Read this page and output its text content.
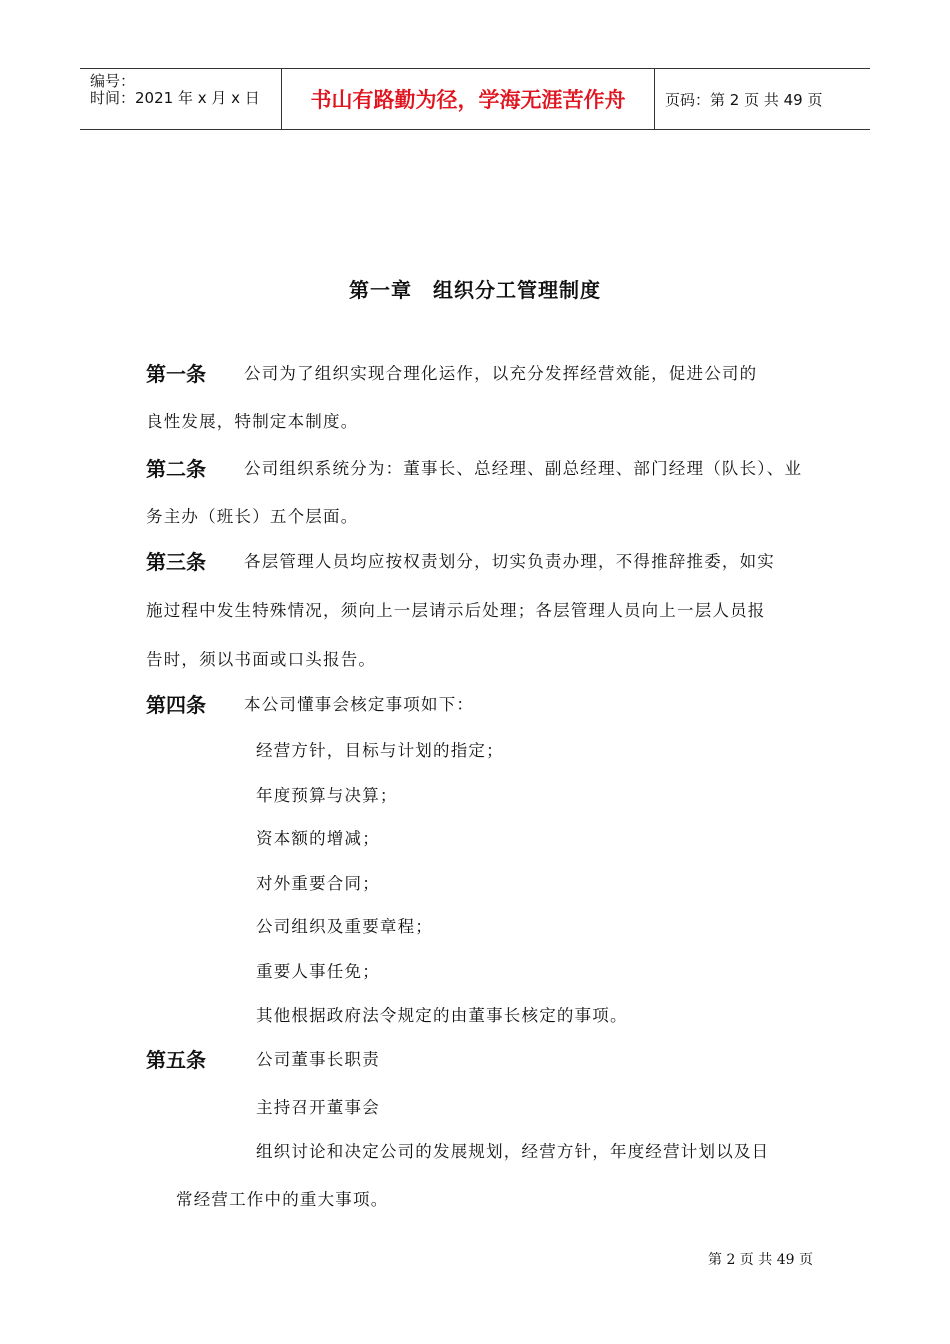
编号：
时间：2021 年 x 月 x 日 书山有路勤为径，学海无涯苦作舟	页码：第 2 页 共 49 页
第一章　组织分工管理制度
第一条 公司为了组织实现合理化运作，以充分发挥经营效能，促进公司的
良性发展，特制定本制度。
第二条 公司组织系统分为：董事长、总经理、副总经理、部门经理（队长）、业
务主办（班长）五个层面。
第三条 各层管理人员均应按权责划分，切实负责办理，不得推辞推委，如实
施过程中发生特殊情况，须向上一层请示后处理；各层管理人员向上一层人员报
告时，须以书面或口头报告。
第四条 本公司懂事会核定事项如下：
经营方针，目标与计划的指定；
年度预算与决算；
资本额的增减；
对外重要合同；
公司组织及重要章程；
重要人事任免；
其他根据政府法令规定的由董事长核定的事项。
第五条	公司董事长职责
主持召开董事会
组织讨论和决定公司的发展规划，经营方针，年度经营计划以及日
常经营工作中的重大事项。
第 2 页 共 49 页
